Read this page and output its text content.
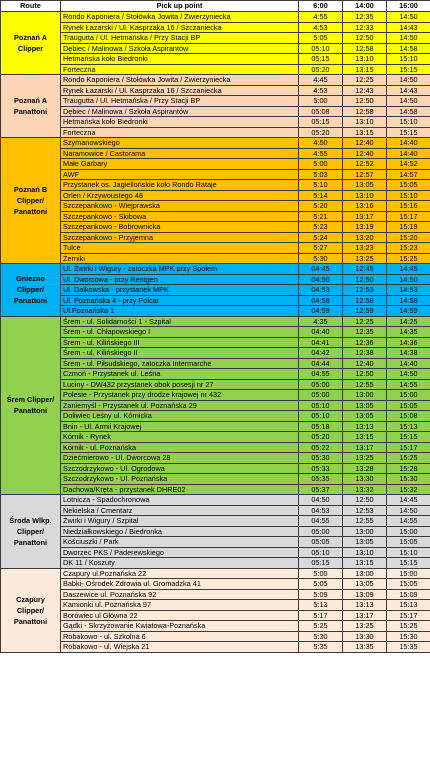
Route	Pick up point	6:00	14:00	16:00
Poznań A Clipper	Rondo Kaponiera / Stołówka Jowita / Zwierzyniecka	4:55	12:35	14:50
	Rynek Łazarski / Ul. Kasprzaka 16 / Szczaniecka	4:53	12:33	14:43
	Traugutta / Ul. Hetmańska / Przy Stacji BP	5:05	12:50	14:50
	Dębiec / Malinowa / Szkoła Aspirantów	05:10	12:58	14:58
	Hetmańska koło Biedronki	05:15	13:10	15:10
	Forteczna	05:20	13:15	15:15
Poznań A Panattoni	Rondo Kaponiera / Stołówka Jowita / Zwierzyniecka	4:45	12:25	14:50
	Rynek Łazarski / Ul. Kasprzaka 16 / Szczaniecka	4:53	12:43	14:43
	Traugutta / Ul. Hetmańska / Przy Stacji BP	5:00	12:50	14:50
	Dębiec / Malinowa / Szkoła Aspirantów	05:08	12:58	14:58
	Hetmańska koło Biedronki	05:15	13:10	15:10
	Forteczna	05:20	13:15	15:15
Poznań B Clipper/ Panattoni	Szymanowskiego	4:50	12:40	14:40
	Naramowice / Castorama	4:55	12:40	14:40
	Małe Garbary	5:00	12:52	14:52
	AWF	5:03	12:57	14:57
	Przystanek os. Jagiellońskie koło Rondo Rataje	5:10	13:05	15:05
	Orlen / Krzywoustego 48	5:14	13:10	15:10
	Szczepankowo - Wiejprawska	5:20	13:16	15:16
	Szczepankowo - Skibowa	5:21	13:17	15:17
	Szczepankowo - Bobrownicka	5:23	13:19	15:19
	Szczepankowo - Przyjemna	5:24	13:20	15:20
	Tulce	5:27	13:23	15:23
	Żerniki	5:30	13:25	15:25
Gniezno Clipper/ Panattoni	Ul. Żwirki i Wigury - zatoczka MPK przy Społem	04:45	12:45	14:45
	Ul. Dworcowa - przy Rentgen	04:50	12:50	14:50
	Ul. Dalkowska - przystanek MPK	04:53	12:53	14:53
	Ul. Poznańska 4 - przy Polcar	04:58	12:58	14:58
	Ul.Poznańska 1	04:59	12:59	14:59
Śrem Clipper/ Panattoni	Śrem - ul. Solidarności 1 - Szpital	4:35	12:25	14:25
	Śrem - ul. Chłapowskiego I	04:40	12:35	14:35
	Śrem - ul. Kilińskiego III	04:41	12:36	14:36
	Śrem - ul. Kilińskiego II	04:42	12:38	14:38
	Śrem - ul. Piłsudskiego, zatoczka Intermarche	04:44	12:40	14:40
	Czmoń - Przystanek ul. Leśna	04:55	12:50	14:50
	Luciny - DW432 przystanek obok posesji nr 27	05:00	12:55	14:55
	Polesie - Przystanek przy drodze krajowej nr 432	05:00	13:00	15:00
	Zaniemyśl - Przystanek ul. Poznańska 29	05:10	13:05	15:05
	Doliwiec Leśny ul. Kórnicka	05:10	13:05	15:08
	Bnin - Ul. Armii Krajowej	05:18	13:13	15:13
	Kórnik - Rynek	05:20	13:15	15:15
	Kórnik - ul. Poznańska	05:22	13:17	15:17
	Dziećmierowo - Ul. Dworcowa 28	05:30	13:25	15:25
	Szczodrzykowo - Ul. Ogrodowa	05:33	13:28	15:28
	Szczodrzykowo - Ul. Poznańska	05:35	13:30	15:30
	Dachowa/Kręta - przystanek DHRE02	05:37	13:32	15:32
Środa Wlkp. Clipper/ Panattoni	Lotnicza - Spadochronowa	04:50	12:50	14:45
	Nekielska / Cmentarz	04:53	12:53	14:50
	Żwirki i Wigury / Szpital	04:55	12:55	14:55
	Niedziałkowskiego / Biedronka	05:00	13:00	15:00
	Kościuszki / Park	05:05	13:05	15:05
	Dworzec PKS / Paderewskiego	05:10	13:10	15:10
	DK 11 / Koszuty	05:15	13:15	15:15
Czapury Clipper/ Panattoni	Czapury ul.Poznańska 22	5:00	13:00	15:00
	Babki- Ośrodek Zdrowia ul. Gromadzka 41	5:05	13:05	15:05
	Daszewice ul. Poznańska 92	5:09	13:09	15:09
	Kamionki ul. Poznańska 97	5:13	13:13	15:13
	Borówiec ul Główna 22	5:17	13:17	15:17
	Gądki - Skrzyżowanie Kwiatowa-Poznańska	5:25	13:25	15:25
	Robakowo - ul. Szkolna 6	5:30	13:30	15:30
	Robakowo - ul. Wiejska 21	5:35	13:35	15:35
